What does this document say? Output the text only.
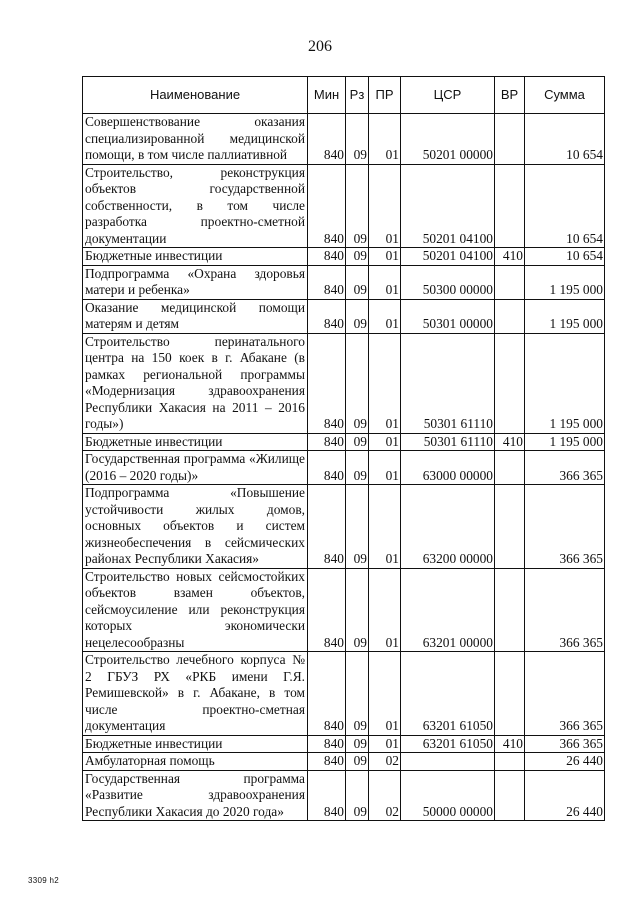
206
Наименование	Мин	Рз	ПР	ЦСР	ВР	Сумма
Совершенствование оказания специализированной медицинской помощи, в том числе паллиативной	840	09	01	50201 00000		10 654
Строительство, реконструкция объектов государственной собственности, в том числе разработка проектно-сметной документации	840	09	01	50201 04100		10 654
Бюджетные инвестиции	840	09	01	50201 04100	410	10 654
Подпрограмма «Охрана здоровья матери и ребенка»	840	09	01	50300 00000		1 195 000
Оказание медицинской помощи матерям и детям	840	09	01	50301 00000		1 195 000
Строительство перинатального центра на 150 коек в г. Абакане (в рамках региональной программы «Модернизация здравоохранения Республики Хакасия на 2011 – 2016 годы»)	840	09	01	50301 61110		1 195 000
Бюджетные инвестиции	840	09	01	50301 61110	410	1 195 000
Государственная программа «Жилище (2016 – 2020 годы)»	840	09	01	63000 00000		366 365
Подпрограмма «Повышение устойчивости жилых домов, основных объектов и систем жизнеобеспечения в сейсмических районах Республики Хакасия»	840	09	01	63200 00000		366 365
Строительство новых сейсмостойких объектов взамен объектов, сейсмоусиление или реконструкция которых экономически нецелесообразны	840	09	01	63201 00000		366 365
Строительство лечебного корпуса № 2 ГБУЗ РХ «РКБ имени Г.Я. Ремишевской» в г. Абакане, в том числе проектно-сметная документация	840	09	01	63201 61050		366 365
Бюджетные инвестиции	840	09	01	63201 61050	410	366 365
Амбулаторная помощь	840	09	02			26 440
Государственная программа «Развитие здравоохранения Республики Хакасия до 2020 года»	840	09	02	50000 00000		26 440
3309 h2
